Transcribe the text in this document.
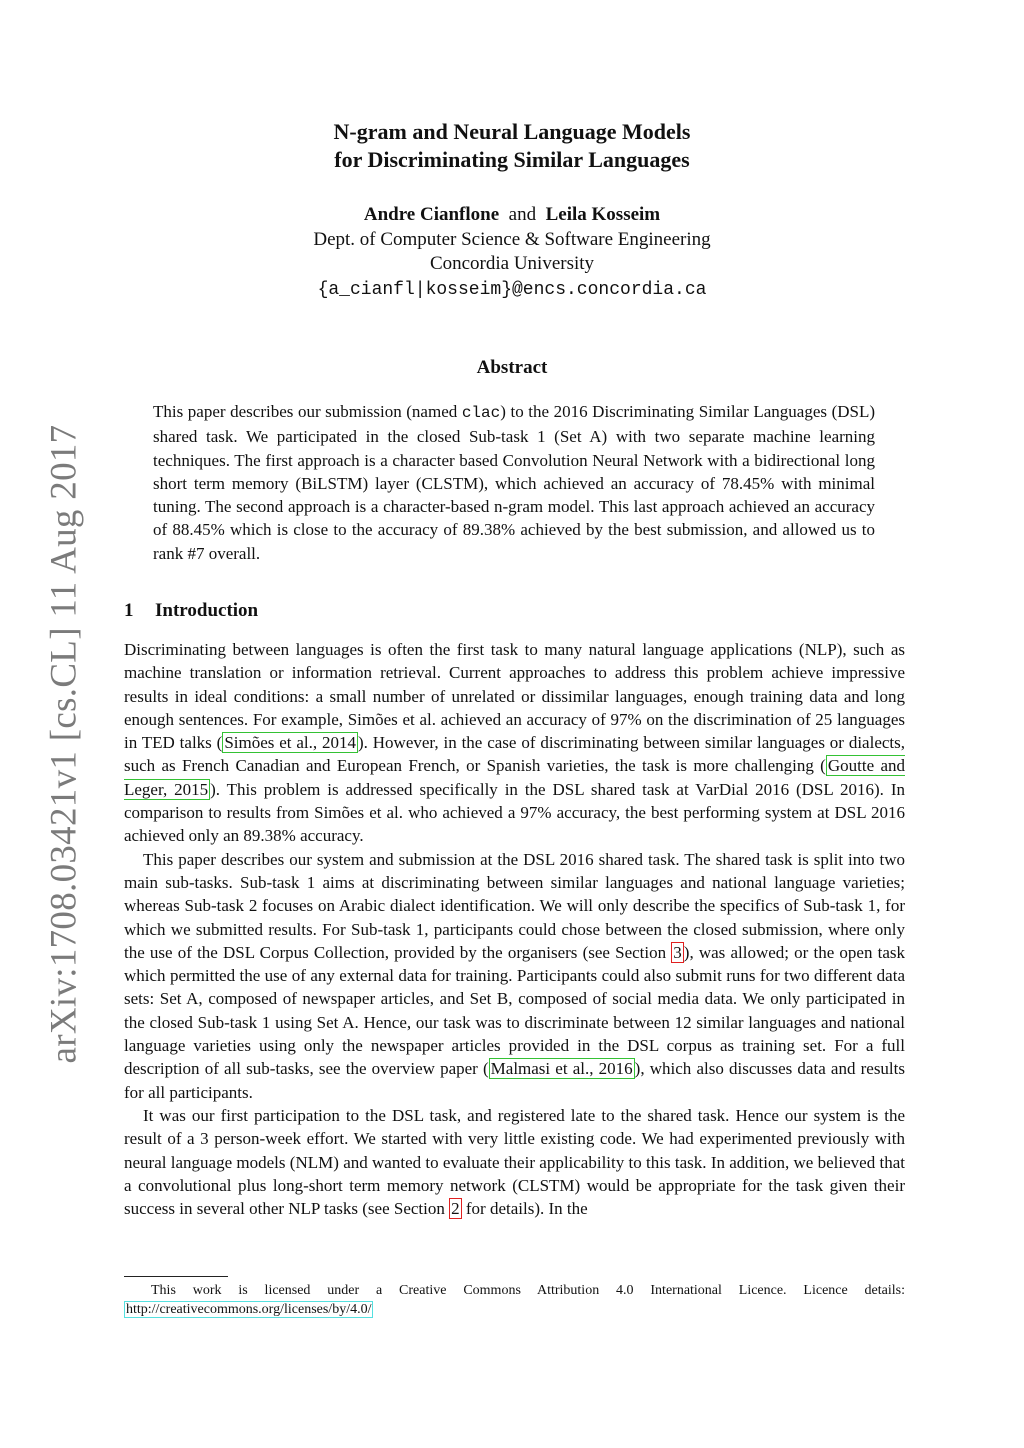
arXiv:1708.03421v1 [cs.CL] 11 Aug 2017
N-gram and Neural Language Models
for Discriminating Similar Languages
Andre Cianflone and Leila Kosseim
Dept. of Computer Science & Software Engineering
Concordia University
{a_cianfl|kosseim}@encs.concordia.ca
Abstract
This paper describes our submission (named clac) to the 2016 Discriminating Similar Languages (DSL) shared task. We participated in the closed Sub-task 1 (Set A) with two separate machine learning techniques. The first approach is a character based Convolution Neural Network with a bidirectional long short term memory (BiLSTM) layer (CLSTM), which achieved an accuracy of 78.45% with minimal tuning. The second approach is a character-based n-gram model. This last approach achieved an accuracy of 88.45% which is close to the accuracy of 89.38% achieved by the best submission, and allowed us to rank #7 overall.
1 Introduction

Discriminating between languages is often the first task to many natural language applications (NLP), such as machine translation or information retrieval. Current approaches to address this problem achieve impressive results in ideal conditions: a small number of unrelated or dissimilar languages, enough training data and long enough sentences. For example, Simões et al. achieved an accuracy of 97% on the discrimination of 25 languages in TED talks ( Simões et al., 2014 ). However, in the case of discriminating between similar languages or dialects, such as French Canadian and European French, or Spanish varieties, the task is more challenging ( Goutte and Leger, 2015 ). This problem is addressed specifically in the DSL shared task at VarDial 2016 (DSL 2016). In comparison to results from Simões et al. who achieved a 97% accuracy, the best performing system at DSL 2016 achieved only an 89.38% accuracy.

This paper describes our system and submission at the DSL 2016 shared task. The shared task is split into two main sub-tasks. Sub-task 1 aims at discriminating between similar languages and national language varieties; whereas Sub-task 2 focuses on Arabic dialect identification. We will only describe the specifics of Sub-task 1, for which we submitted results. For Sub-task 1, participants could chose between the closed submission, where only the use of the DSL Corpus Collection, provided by the organisers (see Section 3 ), was allowed; or the open task which permitted the use of any external data for training. Participants could also submit runs for two different data sets: Set A, composed of newspaper articles, and Set B, composed of social media data. We only participated in the closed Sub-task 1 using Set A. Hence, our task was to discriminate between 12 similar languages and national language varieties using only the newspaper articles provided in the DSL corpus as training set. For a full description of all sub-tasks, see the overview paper ( Malmasi et al., 2016 ), which also discusses data and results for all participants.

It was our first participation to the DSL task, and registered late to the shared task. Hence our system is the result of a 3 person-week effort. We started with very little existing code. We had experimented previously with neural language models (NLM) and wanted to evaluate their applicability to this task. In addition, we believed that a convolutional plus long-short term memory network (CLSTM) would be appropriate for the task given their success in several other NLP tasks (see Section 2 for details). In the

This work is licensed under a Creative Commons Attribution 4.0 International Licence. Licence details:
http://creativecommons.org/licenses/by/4.0/
